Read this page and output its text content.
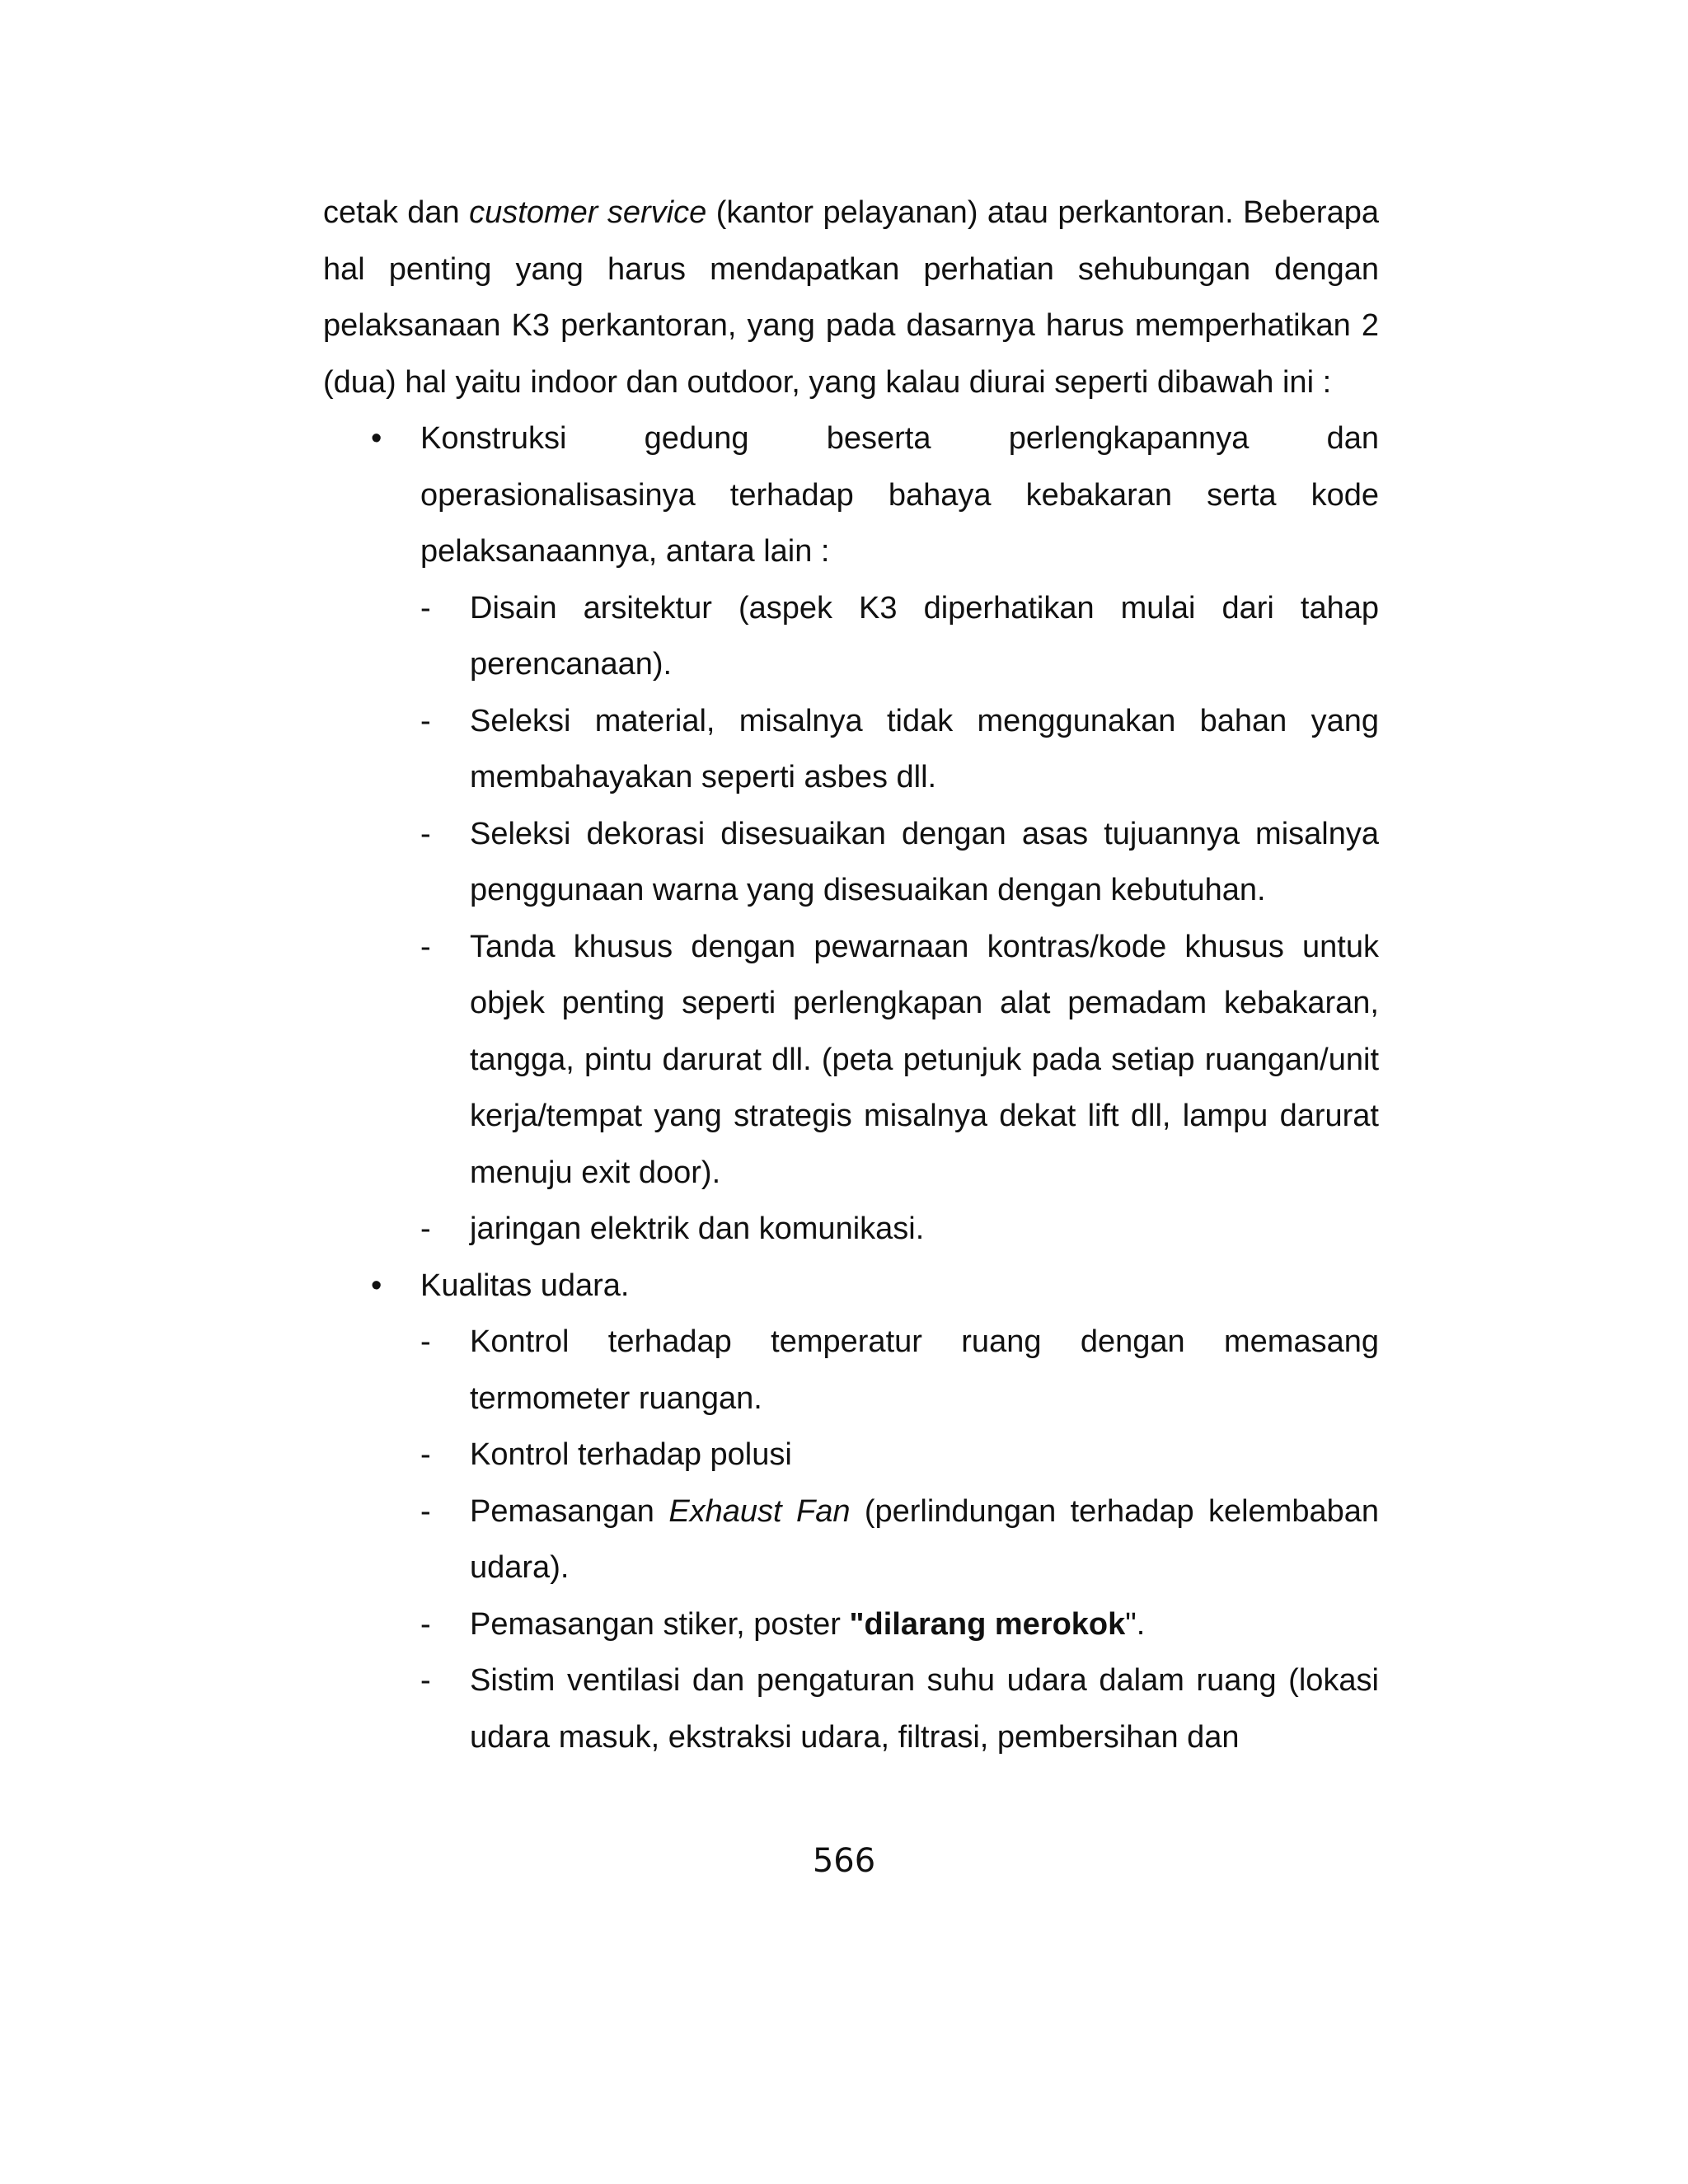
cetak dan customer service (kantor pelayanan) atau perkantoran. Beberapa hal penting yang harus mendapatkan perhatian sehubungan dengan pelaksanaan K3 perkantoran, yang pada dasarnya harus memperhatikan 2 (dua) hal yaitu indoor dan outdoor, yang kalau diurai seperti dibawah ini :

• Konstruksi gedung beserta perlengkapannya dan operasionalisasinya terhadap bahaya kebakaran serta kode pelaksanaannya, antara lain :
- Disain arsitektur (aspek K3 diperhatikan mulai dari tahap perencanaan).
- Seleksi material, misalnya tidak menggunakan bahan yang membahayakan seperti asbes dll.
- Seleksi dekorasi disesuaikan dengan asas tujuannya misalnya penggunaan warna yang disesuaikan dengan kebutuhan.
- Tanda khusus dengan pewarnaan kontras/kode khusus untuk objek penting seperti perlengkapan alat pemadam kebakaran, tangga, pintu darurat dll. (peta petunjuk pada setiap ruangan/unit kerja/tempat yang strategis misalnya dekat lift dll, lampu darurat menuju exit door).
- jaringan elektrik dan komunikasi.
• Kualitas udara.
- Kontrol terhadap temperatur ruang dengan memasang termometer ruangan.
- Kontrol terhadap polusi
- Pemasangan Exhaust Fan (perlindungan terhadap kelembaban udara).
- Pemasangan stiker, poster "dilarang merokok".
- Sistim ventilasi dan pengaturan suhu udara dalam ruang (lokasi udara masuk, ekstraksi udara, filtrasi, pembersihan dan
566
